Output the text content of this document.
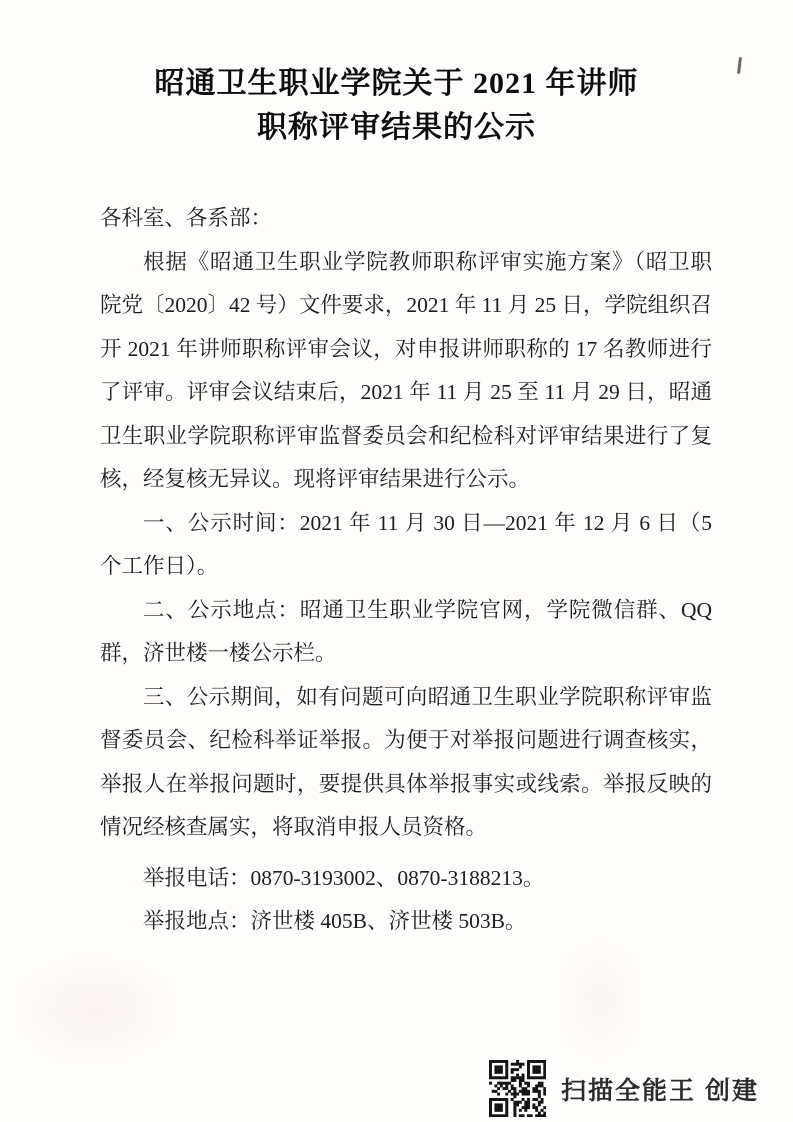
昭通卫生职业学院关于 2021 年讲师
职称评审结果的公示

各科室、各系部：

根据《昭通卫生职业学院教师职称评审实施方案》（昭卫职院党〔2020〕42 号）文件要求，2021 年 11 月 25 日，学院组织召开 2021 年讲师职称评审会议，对申报讲师职称的 17 名教师进行了评审。评审会议结束后，2021 年 11 月 25 至 11 月 29 日，昭通卫生职业学院职称评审监督委员会和纪检科对评审结果进行了复核，经复核无异议。现将评审结果进行公示。

一、公示时间：2021 年 11 月 30 日—2021 年 12 月 6 日（5 个工作日）。

二、公示地点：昭通卫生职业学院官网，学院微信群、QQ 群，济世楼一楼公示栏。

三、公示期间，如有问题可向昭通卫生职业学院职称评审监督委员会、纪检科举证举报。为便于对举报问题进行调查核实，举报人在举报问题时，要提供具体举报事实或线索。举报反映的情况经核查属实，将取消申报人员资格。

举报电话：0870-3193002、0870-3188213。

举报地点：济世楼 405B、济世楼 503B。

扫描全能王 创建
